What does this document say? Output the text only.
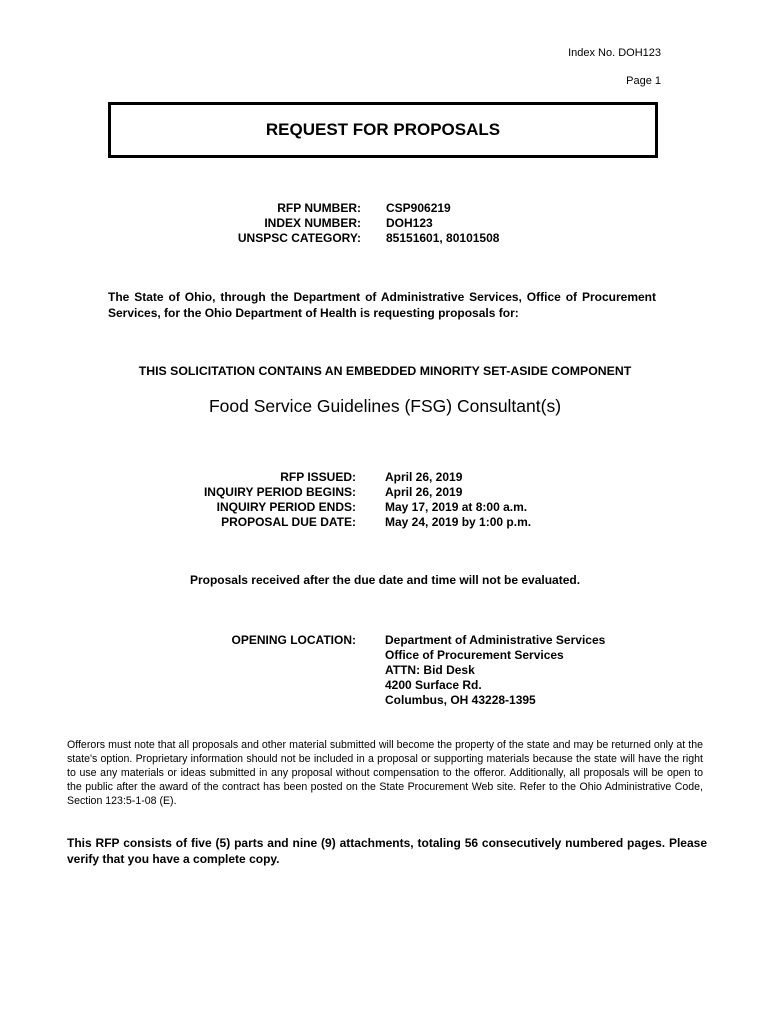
Index No. DOH123
Page 1
REQUEST FOR PROPOSALS
RFP NUMBER: CSP906219
INDEX NUMBER: DOH123
UNSPSC CATEGORY: 85151601, 80101508
The State of Ohio, through the Department of Administrative Services, Office of Procurement Services, for the Ohio Department of Health is requesting proposals for:
THIS SOLICITATION CONTAINS AN EMBEDDED MINORITY SET-ASIDE COMPONENT
Food Service Guidelines (FSG) Consultant(s)
RFP ISSUED: April 26, 2019
INQUIRY PERIOD BEGINS: April 26, 2019
INQUIRY PERIOD ENDS: May 17, 2019 at 8:00 a.m.
PROPOSAL DUE DATE: May 24, 2019 by 1:00 p.m.
Proposals received after the due date and time will not be evaluated.
OPENING LOCATION: Department of Administrative Services
Office of Procurement Services
ATTN: Bid Desk
4200 Surface Rd.
Columbus, OH 43228-1395
Offerors must note that all proposals and other material submitted will become the property of the state and may be returned only at the state's option. Proprietary information should not be included in a proposal or supporting materials because the state will have the right to use any materials or ideas submitted in any proposal without compensation to the offeror. Additionally, all proposals will be open to the public after the award of the contract has been posted on the State Procurement Web site. Refer to the Ohio Administrative Code, Section 123:5-1-08 (E).
This RFP consists of five (5) parts and nine (9) attachments, totaling 56 consecutively numbered pages. Please verify that you have a complete copy.
